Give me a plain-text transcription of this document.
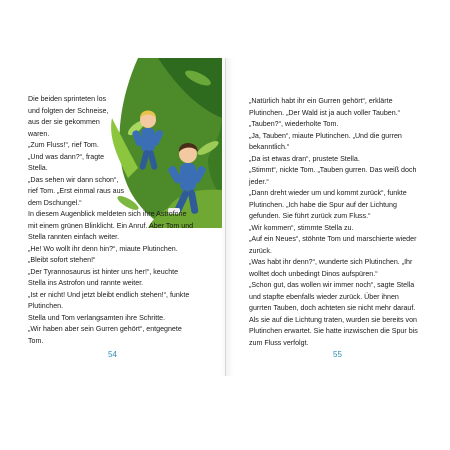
Die beiden sprinteten los
und folgten der Schneise,
aus der sie gekommen
waren.
„Zum Fluss!“, rief Tom.
„Und was dann?“, fragte
Stella.
„Das sehen wir dann schon“,
rief Tom. „Erst einmal raus aus
dem Dschungel.“
In diesem Augenblick meldeten sich ihre Astrofone
mit einem grünen Blinklicht. Ein Anruf. Aber Tom und
Stella rannten einfach weiter.
„He! Wo wollt ihr denn hin?“, miaute Plutinchen.
„Bleibt sofort stehen!“
„Der Tyrannosaurus ist hinter uns her!“, keuchte
Stella ins Astrofon und rannte weiter.
„Ist er nicht! Und jetzt bleibt endlich stehen!“, funkte
Plutinchen.
Stella und Tom verlangsamten ihre Schritte.
„Wir haben aber sein Gurren gehört“, entgegnete
Tom.
„Natürlich habt ihr ein Gurren gehört“, erklärte
Plutinchen. „Der Wald ist ja auch voller Tauben.“
„Tauben?“, wiederholte Tom.
„Ja, Tauben“, miaute Plutinchen. „Und die gurren
bekanntlich.“
„Da ist etwas dran“, prustete Stella.
„Stimmt“, nickte Tom. „Tauben gurren. Das weiß doch
jeder.“
„Dann dreht wieder um und kommt zurück“, funkte
Plutinchen. „Ich habe die Spur auf der Lichtung
gefunden. Sie führt zurück zum Fluss.“
„Wir kommen“, stimmte Stella zu.
„Auf ein Neues“, stöhnte Tom und marschierte wieder
zurück.
„Was habt ihr denn?“, wunderte sich Plutinchen. „Ihr
wolltet doch unbedingt Dinos aufspüren.“
„Schon gut, das wollen wir immer noch“, sagte Stella
und stapfte ebenfalls wieder zurück. Über ihnen
gurrten Tauben, doch achteten sie nicht mehr darauf.
Als sie auf die Lichtung traten, wurden sie bereits von
Plutinchen erwartet. Sie hatte inzwischen die Spur bis
zum Fluss verfolgt.
54	55
